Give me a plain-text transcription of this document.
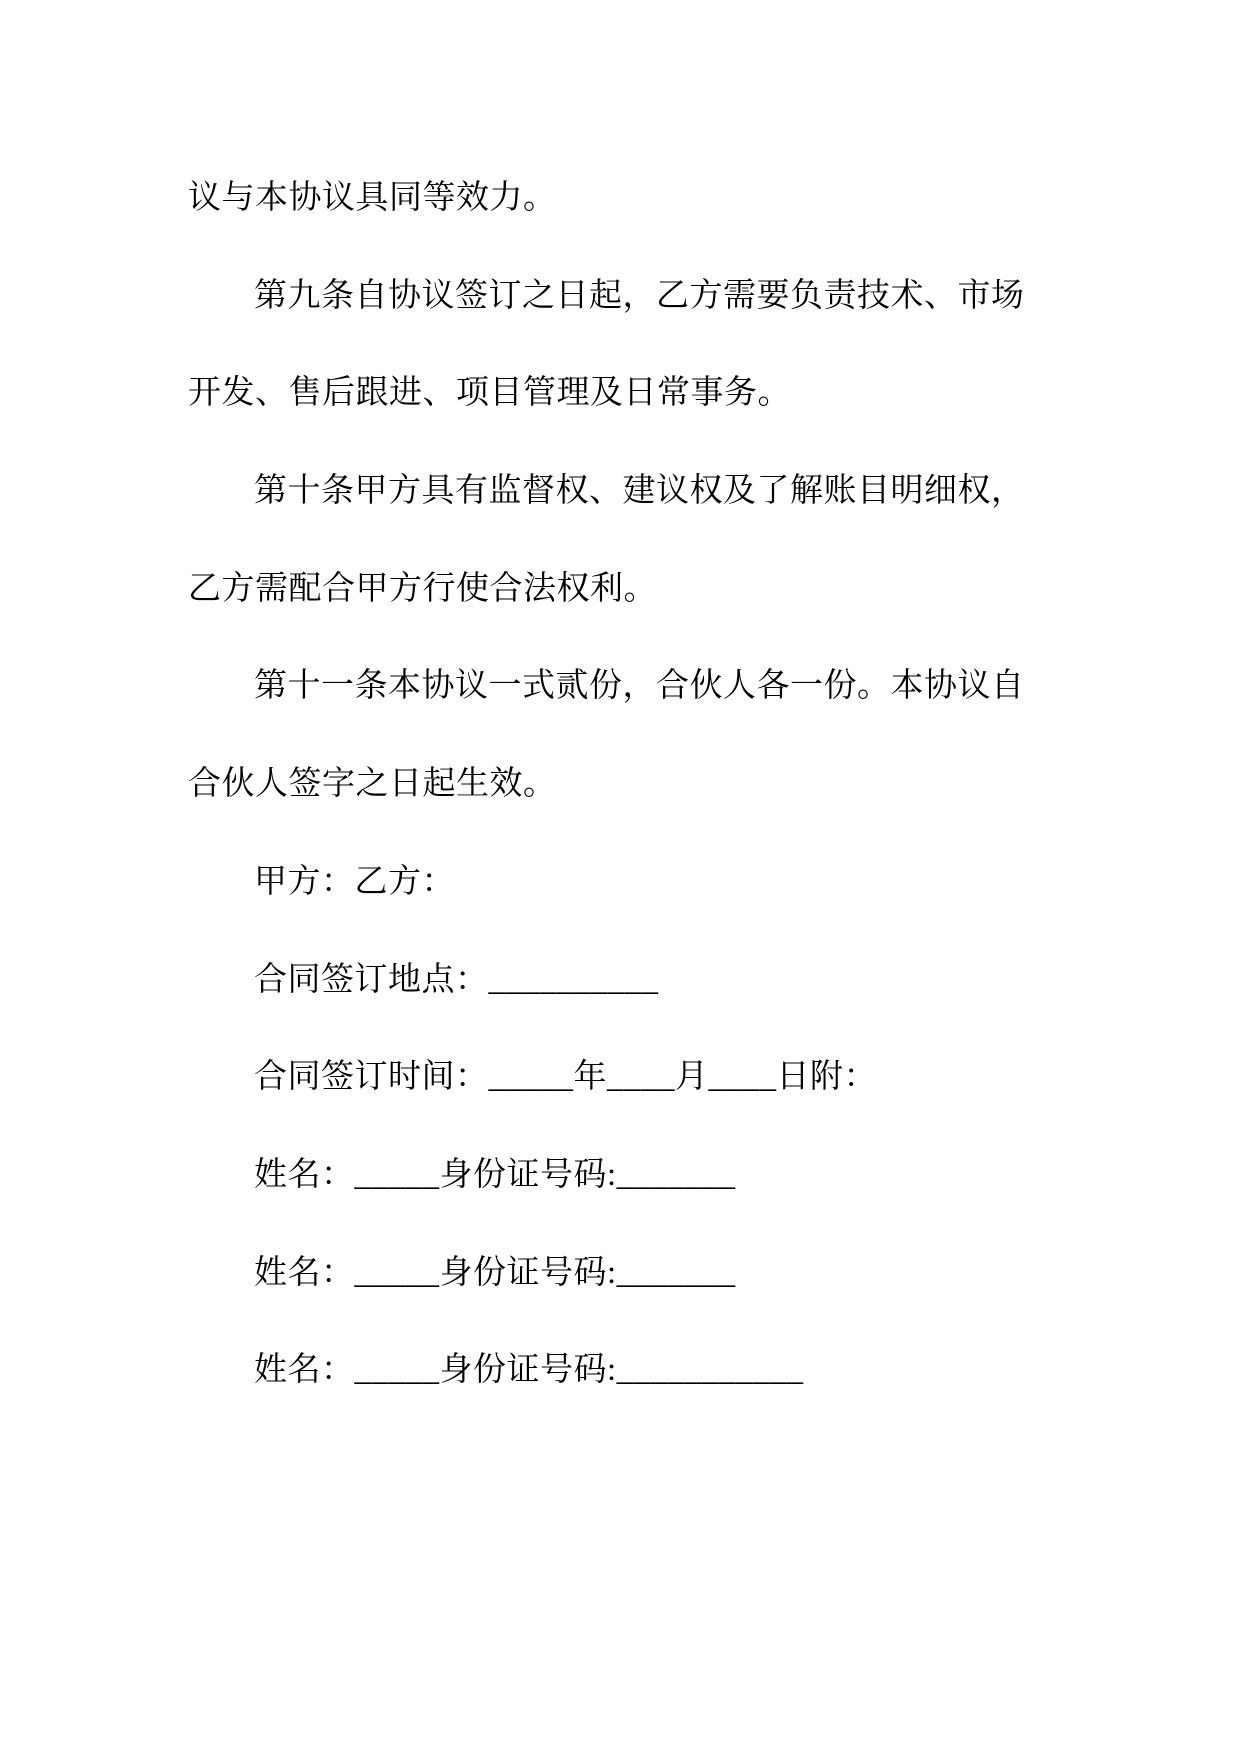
议与本协议具同等效力。
第九条自协议签订之日起，乙方需要负责技术、市场
开发、售后跟进、项目管理及日常事务。
第十条甲方具有监督权、建议权及了解账目明细权，
乙方需配合甲方行使合法权利。
第十一条本协议一式贰份，合伙人各一份。本协议自
合伙人签字之日起生效。
甲方：乙方：
合同签订地点：__________
合同签订时间：_____年____月____日附：
姓名：_____身份证号码:_______
姓名：_____身份证号码:_______
姓名：_____身份证号码:___________
